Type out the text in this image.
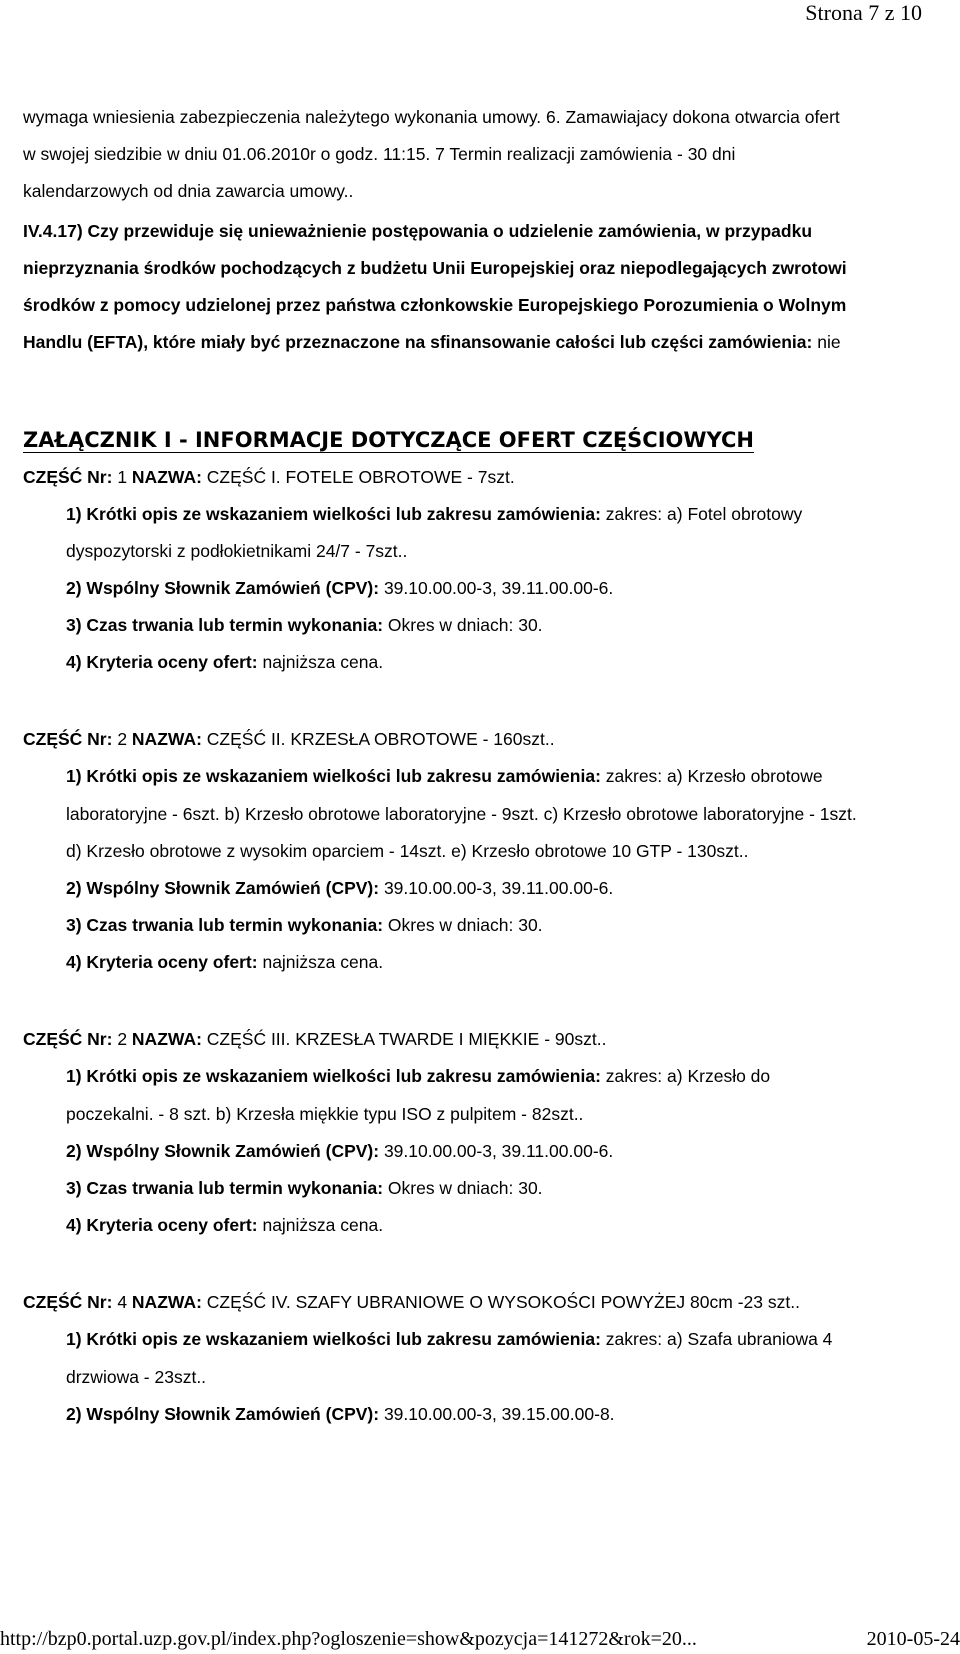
Strona 7 z 10
wymaga wniesienia zabezpieczenia należytego wykonania umowy. 6. Zamawiajacy dokona otwarcia ofert
w swojej siedzibie w dniu 01.06.2010r o godz. 11:15. 7 Termin realizacji zamówienia - 30 dni
kalendarzowych od dnia zawarcia umowy..
IV.4.17) Czy przewiduje się unieważnienie postępowania o udzielenie zamówienia, w przypadku
nieprzyznania środków pochodzących z budżetu Unii Europejskiej oraz niepodlegających zwrotowi
środków z pomocy udzielonej przez państwa członkowskie Europejskiego Porozumienia o Wolnym
Handlu (EFTA), które miały być przeznaczone na sfinansowanie całości lub części zamówienia: nie
ZAŁĄCZNIK I - INFORMACJE DOTYCZĄCE OFERT CZĘŚCIOWYCH
CZĘŚĆ Nr: 1 NAZWA: CZĘŚĆ I. FOTELE OBROTOWE - 7szt.
1) Krótki opis ze wskazaniem wielkości lub zakresu zamówienia: zakres: a) Fotel obrotowy
dyspozytorski z podłokietnikami 24/7 - 7szt..
2) Wspólny Słownik Zamówień (CPV): 39.10.00.00-3, 39.11.00.00-6.
3) Czas trwania lub termin wykonania: Okres w dniach: 30.
4) Kryteria oceny ofert: najniższa cena.
CZĘŚĆ Nr: 2 NAZWA: CZĘŚĆ II. KRZESŁA OBROTOWE - 160szt..
1) Krótki opis ze wskazaniem wielkości lub zakresu zamówienia: zakres: a) Krzesło obrotowe
laboratoryjne - 6szt. b) Krzesło obrotowe laboratoryjne - 9szt. c) Krzesło obrotowe laboratoryjne - 1szt.
d) Krzesło obrotowe z wysokim oparciem - 14szt. e) Krzesło obrotowe 10 GTP - 130szt..
2) Wspólny Słownik Zamówień (CPV): 39.10.00.00-3, 39.11.00.00-6.
3) Czas trwania lub termin wykonania: Okres w dniach: 30.
4) Kryteria oceny ofert: najniższa cena.
CZĘŚĆ Nr: 2 NAZWA: CZĘŚĆ III. KRZESŁA TWARDE I MIĘKKIE - 90szt..
1) Krótki opis ze wskazaniem wielkości lub zakresu zamówienia: zakres: a) Krzesło do
poczekalni. - 8 szt. b) Krzesła miękkie typu ISO z pulpitem - 82szt..
2) Wspólny Słownik Zamówień (CPV): 39.10.00.00-3, 39.11.00.00-6.
3) Czas trwania lub termin wykonania: Okres w dniach: 30.
4) Kryteria oceny ofert: najniższa cena.
CZĘŚĆ Nr: 4 NAZWA: CZĘŚĆ IV. SZAFY UBRANIOWE O WYSOKOŚCI POWYŻEJ 80cm -23 szt..
1) Krótki opis ze wskazaniem wielkości lub zakresu zamówienia: zakres: a) Szafa ubraniowa 4
drzwiowa - 23szt..
2) Wspólny Słownik Zamówień (CPV): 39.10.00.00-3, 39.15.00.00-8.
http://bzp0.portal.uzp.gov.pl/index.php?ogloszenie=show&pozycja=141272&rok=20...	2010-05-24
